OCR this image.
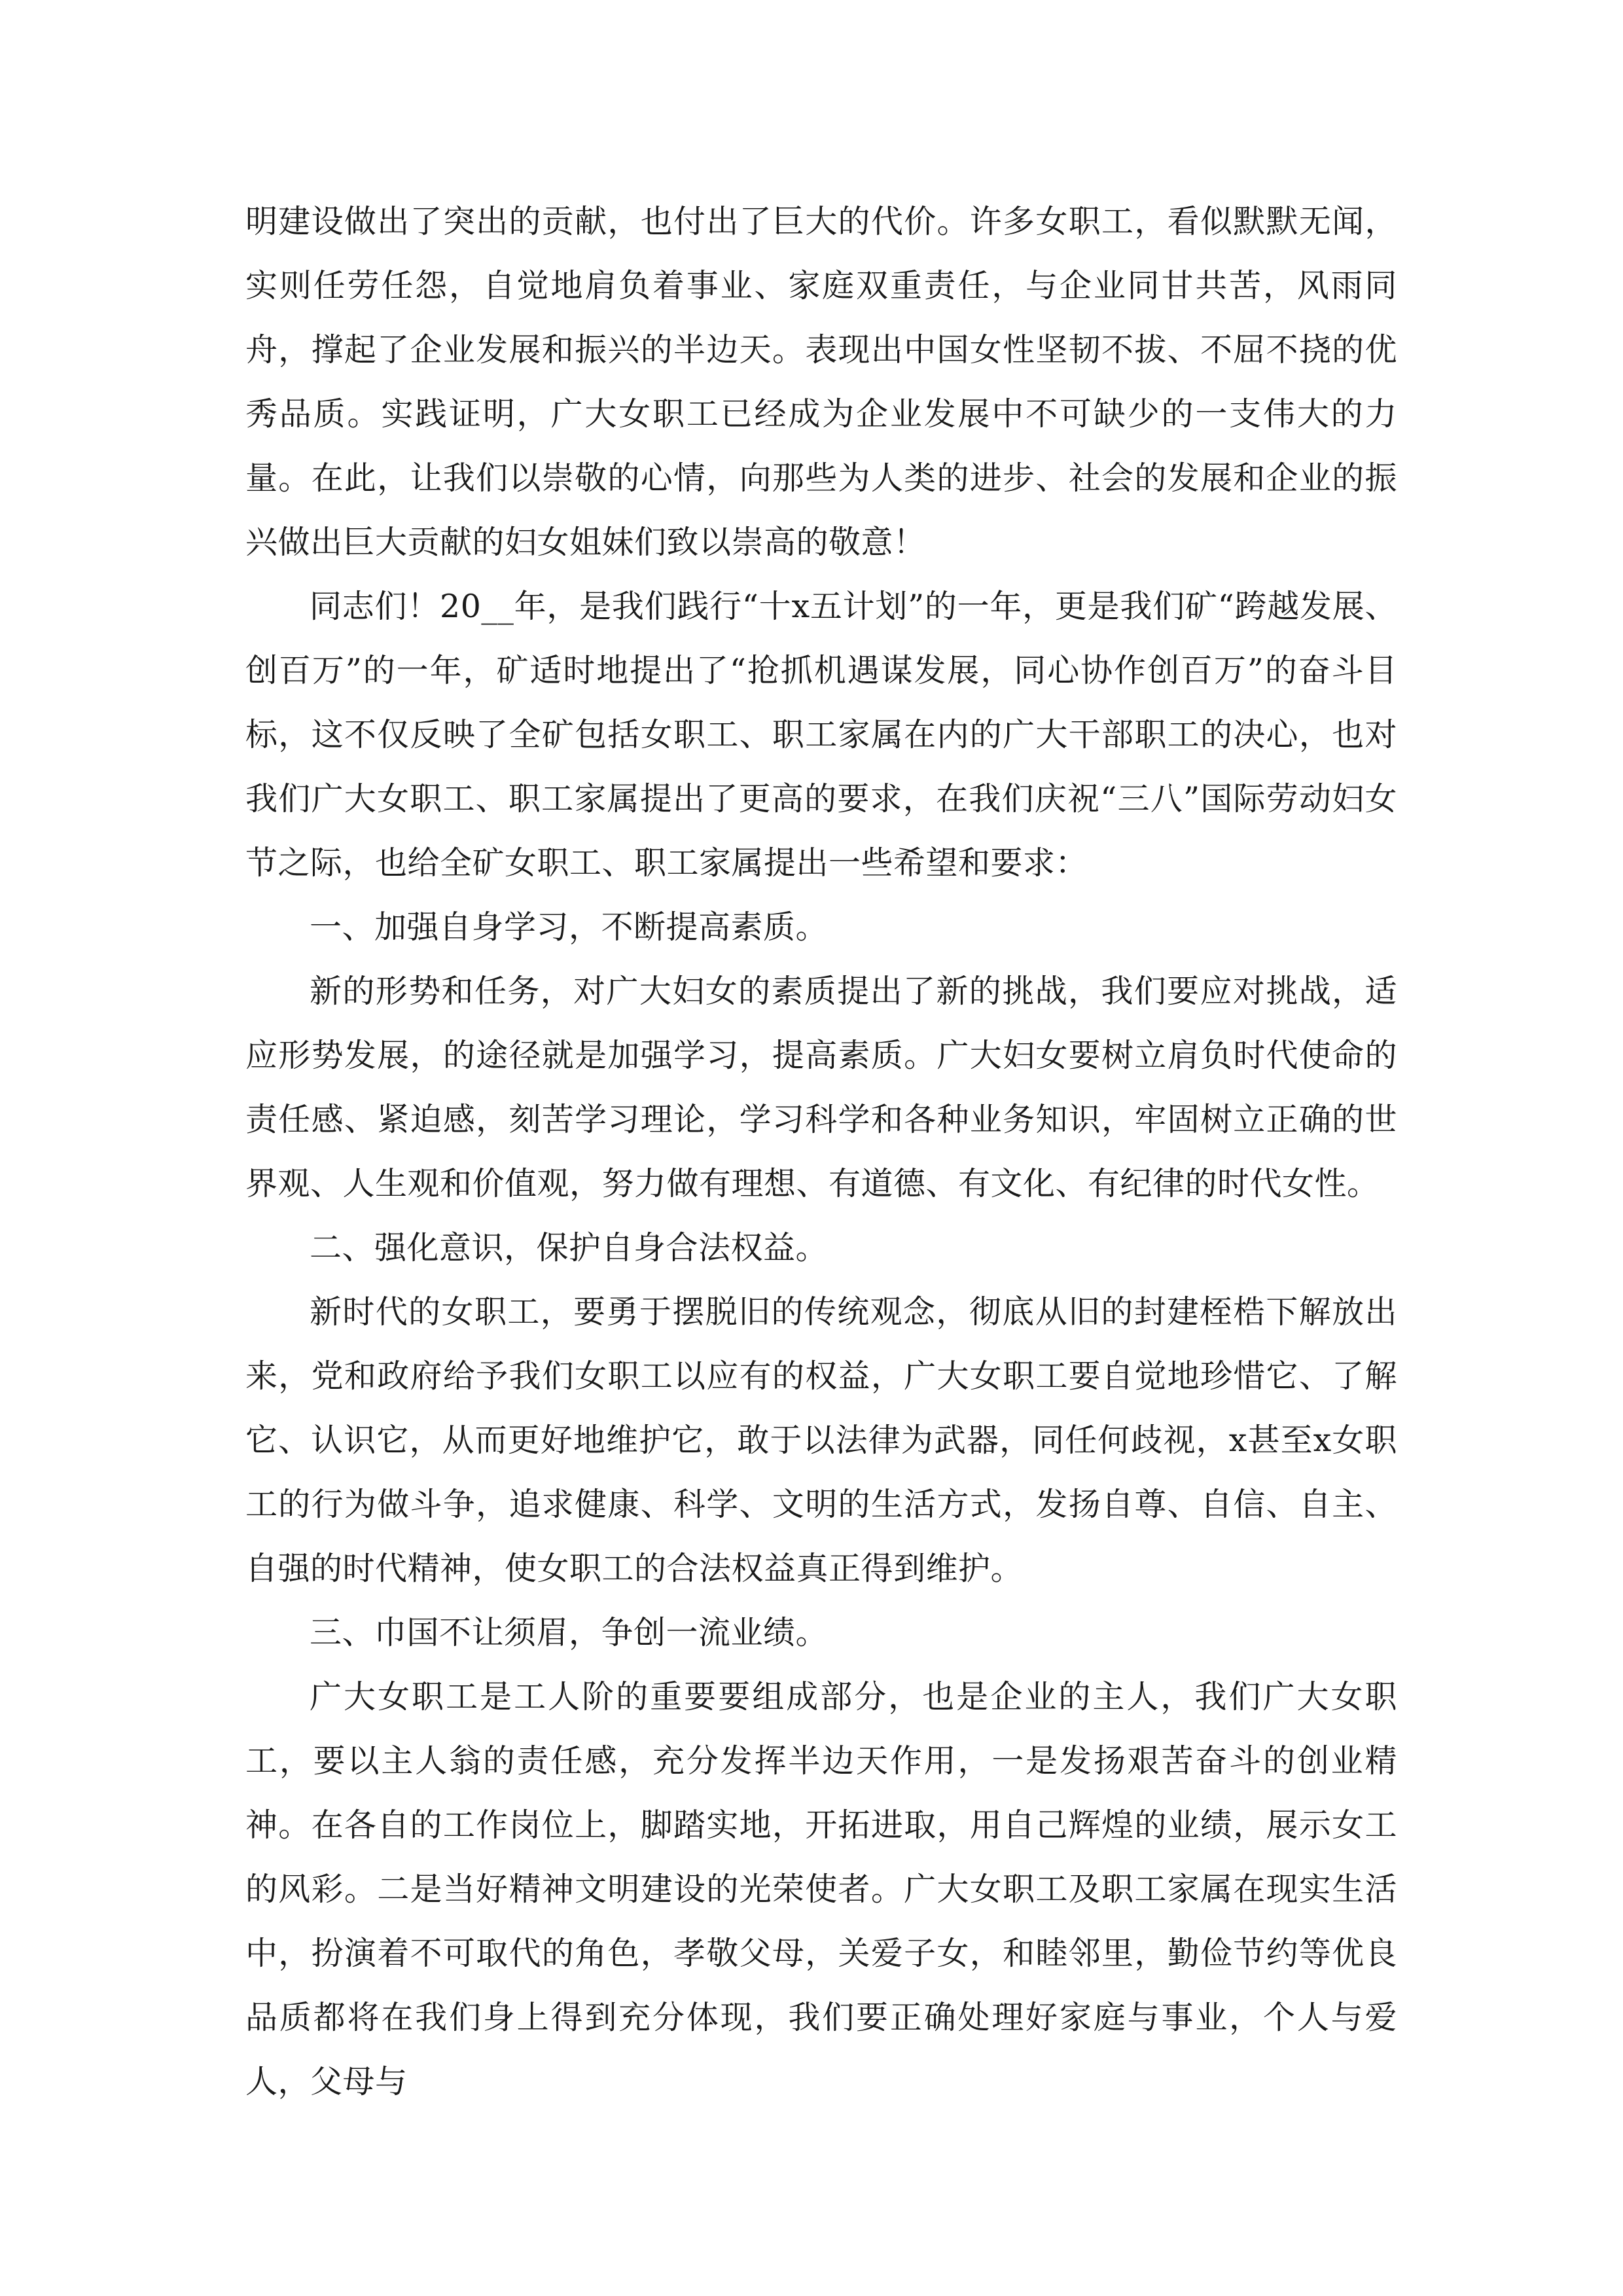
明建设做出了突出的贡献，也付出了巨大的代价。许多女职工，看似默默无闻，实则任劳任怨，自觉地肩负着事业、家庭双重责任，与企业同甘共苦，风雨同舟，撑起了企业发展和振兴的半边天。表现出中国女性坚韧不拔、不屈不挠的优秀品质。实践证明，广大女职工已经成为企业发展中不可缺少的一支伟大的力量。在此，让我们以崇敬的心情，向那些为人类的进步、社会的发展和企业的振兴做出巨大贡献的妇女姐妹们致以崇高的敬意！

同志们！20__年，是我们践行“十x五计划”的一年，更是我们矿“跨越发展、创百万”的一年，矿适时地提出了“抢抓机遇谋发展，同心协作创百万”的奋斗目标，这不仅反映了全矿包括女职工、职工家属在内的广大干部职工的决心，也对我们广大女职工、职工家属提出了更高的要求，在我们庆祝“三八”国际劳动妇女节之际，也给全矿女职工、职工家属提出一些希望和要求：

一、加强自身学习，不断提高素质。

新的形势和任务，对广大妇女的素质提出了新的挑战，我们要应对挑战，适应形势发展，的途径就是加强学习，提高素质。广大妇女要树立肩负时代使命的责任感、紧迫感，刻苦学习理论，学习科学和各种业务知识，牢固树立正确的世界观、人生观和价值观，努力做有理想、有道德、有文化、有纪律的时代女性。

二、强化意识，保护自身合法权益。

新时代的女职工，要勇于摆脱旧的传统观念，彻底从旧的封建桎梏下解放出来，党和政府给予我们女职工以应有的权益，广大女职工要自觉地珍惜它、了解它、认识它，从而更好地维护它，敢于以法律为武器，同任何歧视，x甚至x女职工的行为做斗争，追求健康、科学、文明的生活方式，发扬自尊、自信、自主、自强的时代精神，使女职工的合法权益真正得到维护。

三、巾国不让须眉，争创一流业绩。

广大女职工是工人阶的重要要组成部分，也是企业的主人，我们广大女职工，要以主人翁的责任感，充分发挥半边天作用，一是发扬艰苦奋斗的创业精神。在各自的工作岗位上，脚踏实地，开拓进取，用自己辉煌的业绩，展示女工的风彩。二是当好精神文明建设的光荣使者。广大女职工及职工家属在现实生活中，扮演着不可取代的角色，孝敬父母，关爱子女，和睦邻里，勤俭节约等优良品质都将在我们身上得到充分体现，我们要正确处理好家庭与事业，个人与爱人，父母与
